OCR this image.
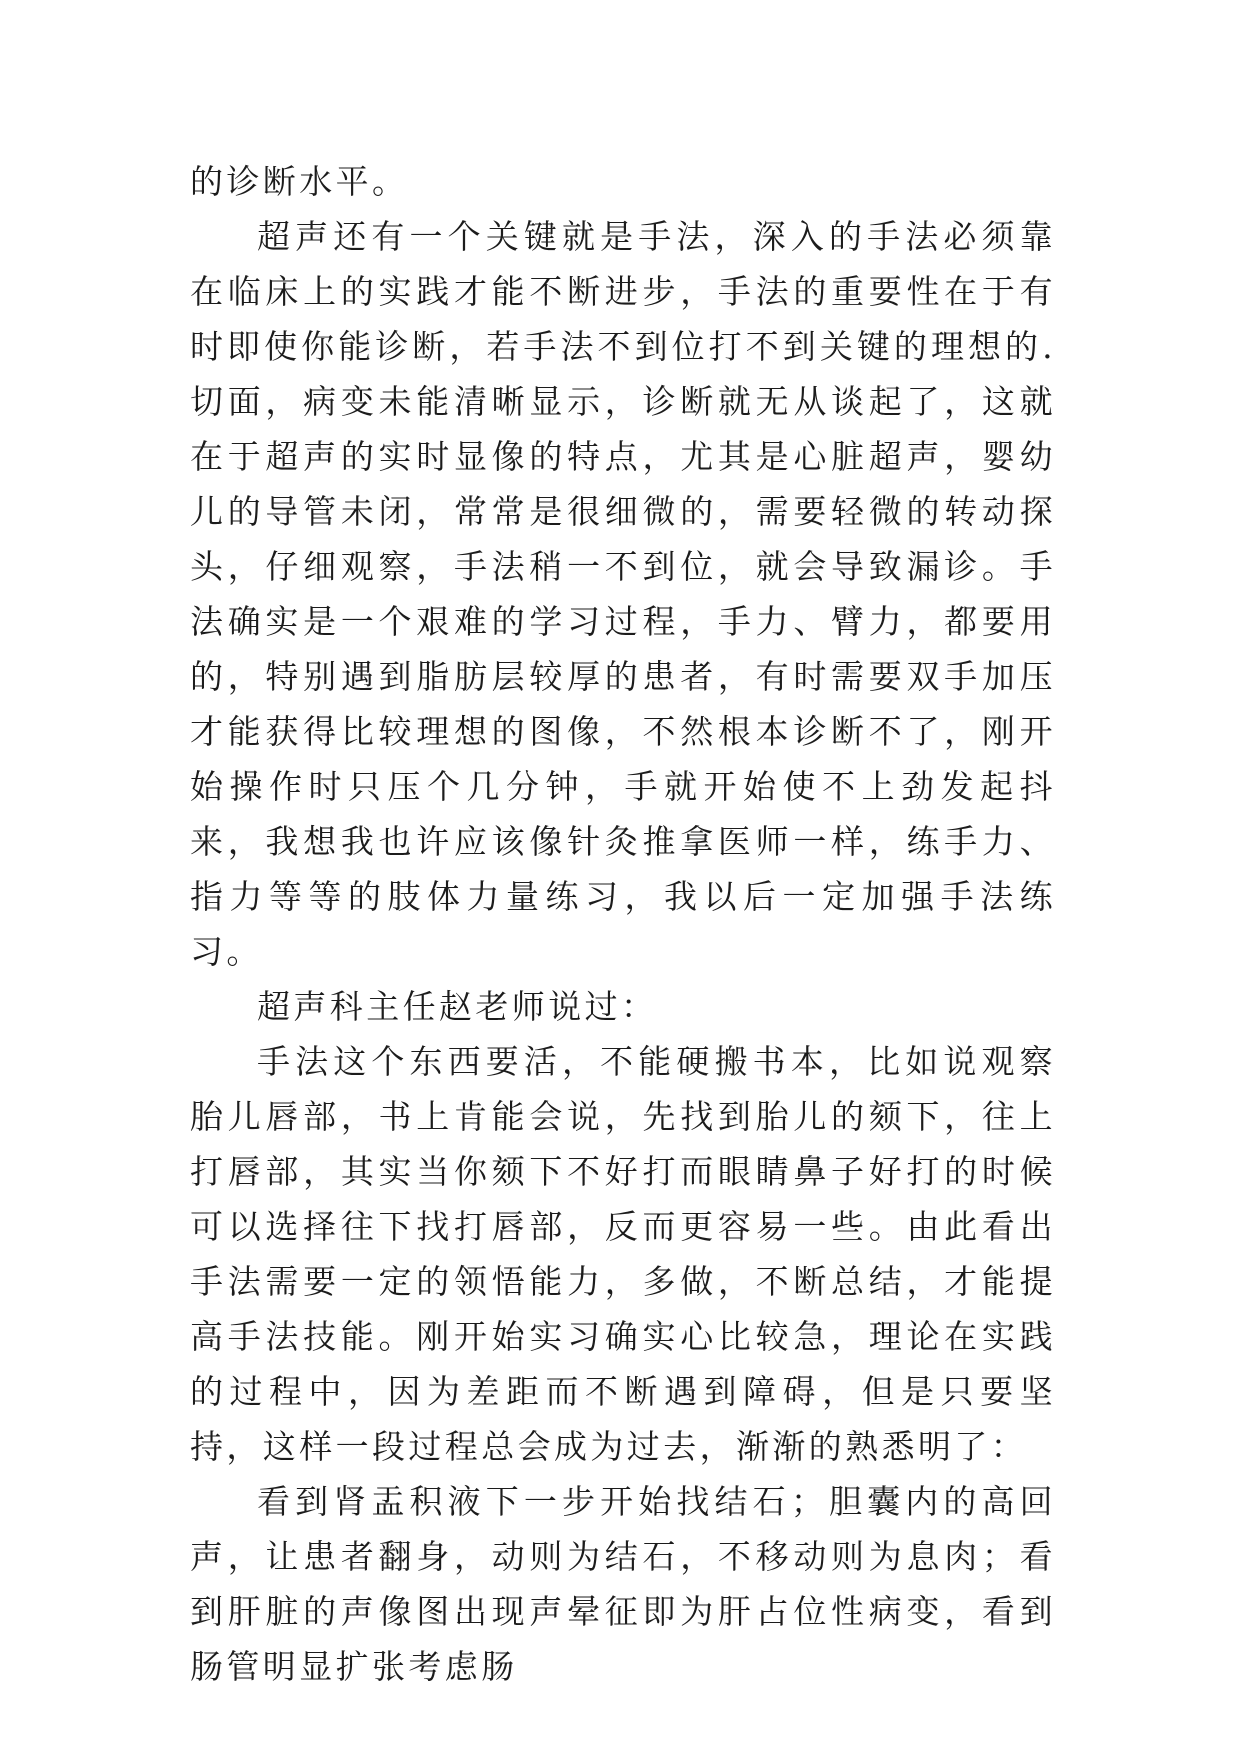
的诊断水平。

超声还有一个关键就是手法，深入的手法必须靠在临床上的实践才能不断进步，手法的重要性在于有时即使你能诊断，若手法不到位打不到关键的理想的.切面，病变未能清晰显示，诊断就无从谈起了，这就在于超声的实时显像的特点，尤其是心脏超声，婴幼儿的导管未闭，常常是很细微的，需要轻微的转动探头，仔细观察，手法稍一不到位，就会导致漏诊。手法确实是一个艰难的学习过程，手力、臂力，都要用的，特别遇到脂肪层较厚的患者，有时需要双手加压才能获得比较理想的图像，不然根本诊断不了，刚开始操作时只压个几分钟，手就开始使不上劲发起抖来，我想我也许应该像针灸推拿医师一样，练手力、指力等等的肢体力量练习，我以后一定加强手法练习。

超声科主任赵老师说过：

手法这个东西要活，不能硬搬书本，比如说观察胎儿唇部，书上肯能会说，先找到胎儿的颏下，往上打唇部，其实当你颏下不好打而眼睛鼻子好打的时候可以选择往下找打唇部，反而更容易一些。由此看出手法需要一定的领悟能力，多做，不断总结，才能提高手法技能。刚开始实习确实心比较急，理论在实践的过程中，因为差距而不断遇到障碍，但是只要坚持，这样一段过程总会成为过去，渐渐的熟悉明了：

看到肾盂积液下一步开始找结石；胆囊内的高回声，让患者翻身，动则为结石，不移动则为息肉；看到肝脏的声像图出现声晕征即为肝占位性病变，看到肠管明显扩张考虑肠
